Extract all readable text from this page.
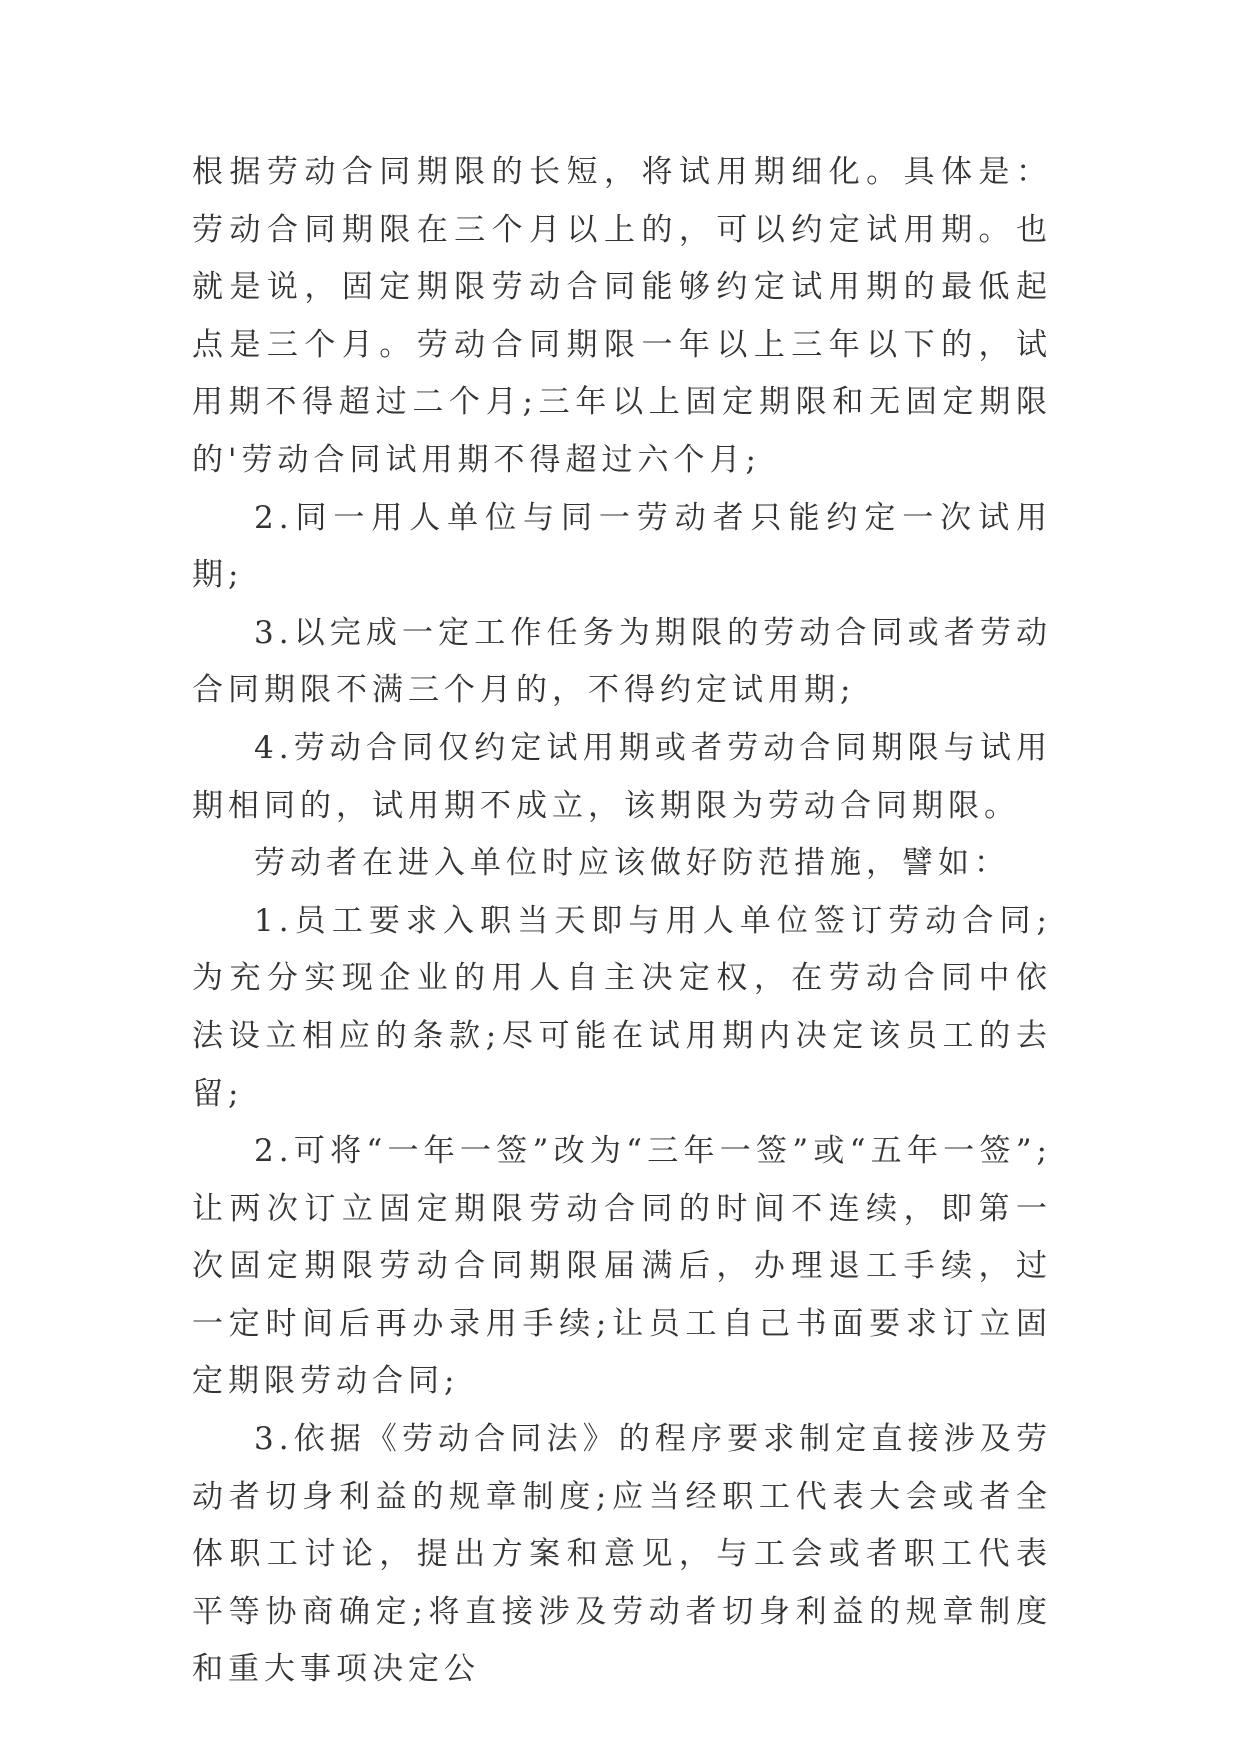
根据劳动合同期限的长短，将试用期细化。具体是：劳动合同期限在三个月以上的，可以约定试用期。也就是说，固定期限劳动合同能够约定试用期的最低起点是三个月。劳动合同期限一年以上三年以下的，试用期不得超过二个月;三年以上固定期限和无固定期限的'劳动合同试用期不得超过六个月;

2.同一用人单位与同一劳动者只能约定一次试用期;

3.以完成一定工作任务为期限的劳动合同或者劳动合同期限不满三个月的，不得约定试用期;

4.劳动合同仅约定试用期或者劳动合同期限与试用期相同的，试用期不成立，该期限为劳动合同期限。

劳动者在进入单位时应该做好防范措施，譬如：

1.员工要求入职当天即与用人单位签订劳动合同;为充分实现企业的用人自主决定权，在劳动合同中依法设立相应的条款;尽可能在试用期内决定该员工的去留;

2.可将“一年一签”改为“三年一签”或“五年一签”;让两次订立固定期限劳动合同的时间不连续，即第一次固定期限劳动合同期限届满后，办理退工手续，过一定时间后再办录用手续;让员工自己书面要求订立固定期限劳动合同;

3.依据《劳动合同法》的程序要求制定直接涉及劳动者切身利益的规章制度;应当经职工代表大会或者全体职工讨论，提出方案和意见，与工会或者职工代表平等协商确定;将直接涉及劳动者切身利益的规章制度和重大事项决定公
